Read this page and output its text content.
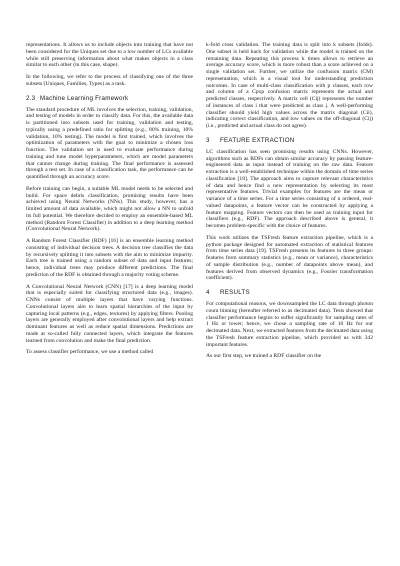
representations. It allows us to include objects into training that have not been considered for the Uniques set due to a low number of LCs available while still preserving information about what makes objects in a class similar to each other (in this case, shape).

In the following, we refer to the process of classifying one of the three subsets (Uniques, Families, Types) as a task.

2.3 Machine Learning Framework

The standard procedure of ML involves the selection, training, validation, and testing of models in order to classify data. For this, the available data is partitioned into subsets used for training, validation and testing, typically using a predefined ratio for splitting (e.g., 80% training, 10% validation, 10% testing). The model is first trained, which involves the optimization of parameters with the goal to minimize a chosen loss function. The validation set is used to evaluate performance during training and tune model hyperparameters, which are model parameters that cannot change during training. The final performance is assessed through a test set. In case of a classification task, the performance can be quantified through an accuracy score.

Before training can begin, a suitable ML model needs to be selected and build. For space debris classification, promising results have been achieved using Neural Networks (NNs). This study, however, has a limited amount of data available, which might not allow a NN to unfold its full potential. We therefore decided to employ an ensemble-based ML method (Random Forest Classifier) in addition to a deep learning method (Convolutional Neural Network).

A Random Forest Classifier (RDF) [16] is an ensemble learning method consisting of individual decision trees. A decision tree classifies the data by recursively splitting it into subsets with the aim to minimize impurity. Each tree is trained using a random subset of data and input features; hence, individual trees may produce different predictions. The final prediction of the RDF is obtained through a majority voting scheme.

A Convolutional Neural Network (CNN) [17] is a deep learning model that is especially suited for classifying structured data (e.g., images). CNNs consist of multiple layers that have varying functions. Convolutional layers aim to learn spatial hierarchies of the input by capturing local patterns (e.g., edges, textures) by applying filters. Pooling layers are generally employed after convolutional layers and help extract dominant features as well as reduce spatial dimensions. Predictions are made at so-called fully connected layers, which integrate the features learned from convolution and make the final prediction.

To assess classifier performance, we use a method called

k-fold cross validation. The training data is split into k subsets (folds). One subset is held back for validation while the model is trained on the remaining data. Repeating this process k times allows to retrieve an average accuracy score, which is more robust than a score achieved on a single validation set. Further, we utilize the confusion matrix (CM) representation, which is a visual tool for understanding prediction outcomes. In case of multi-class classification with p classes, each row and column of a Cpxp confusion matrix represents the actual and predicted classes, respectively. A matrix cell (Cij) represents the number of instances of class i that were predicted as class j. A well-performing classifier should yield high values across the matrix diagonal (Cii), indicating correct classification, and low values on the off-diagonal (Cij) (i.e., predicted and actual class do not agree).

3 FEATURE EXTRACTION

LC classification has seen promising results using CNNs. However, algorithms such as RDFs can obtain similar accuracy by passing feature-engineered data as input instead of training on the raw data. Feature extraction is a well-established technique within the domain of time series classification [18]. The approach aims to capture relevant characteristics of data and hence find a new representation by selecting its most representative features. Trivial examples for features are the mean or variance of a time series. For a time series consisting of n ordered, real-valued datapoints, a feature vector can be constructed by applying a feature mapping. Feature vectors can then be used as training input for classifiers (e.g., RDF). The approach described above is general, it becomes problem-specific with the choice of features.

This work utilizes the TSFresh feature extraction pipeline, which is a python package designed for automated extraction of statistical features from time series data [19]. TSFresh presents its features in three groups: features from summary statistics (e.g., mean or variance), characteristics of sample distribution (e.g., number of datapoints above mean), and features derived from observed dynamics (e.g., Fourier transformation coefficient).

4 RESULTS

For computational reasons, we downsampled the LC data through photon count binning (hereafter referred to as decimated data). Tests showed that classifier performance begins to suffer significantly for sampling rates of 1 Hz or lower; hence, we chose a sampling rate of 10 Hz for our decimated data. Next, we extracted features from the decimated data using the TSFresh feature extraction pipeline, which provided us with 342 important features.

As our first step, we trained a RDF classifier on the
